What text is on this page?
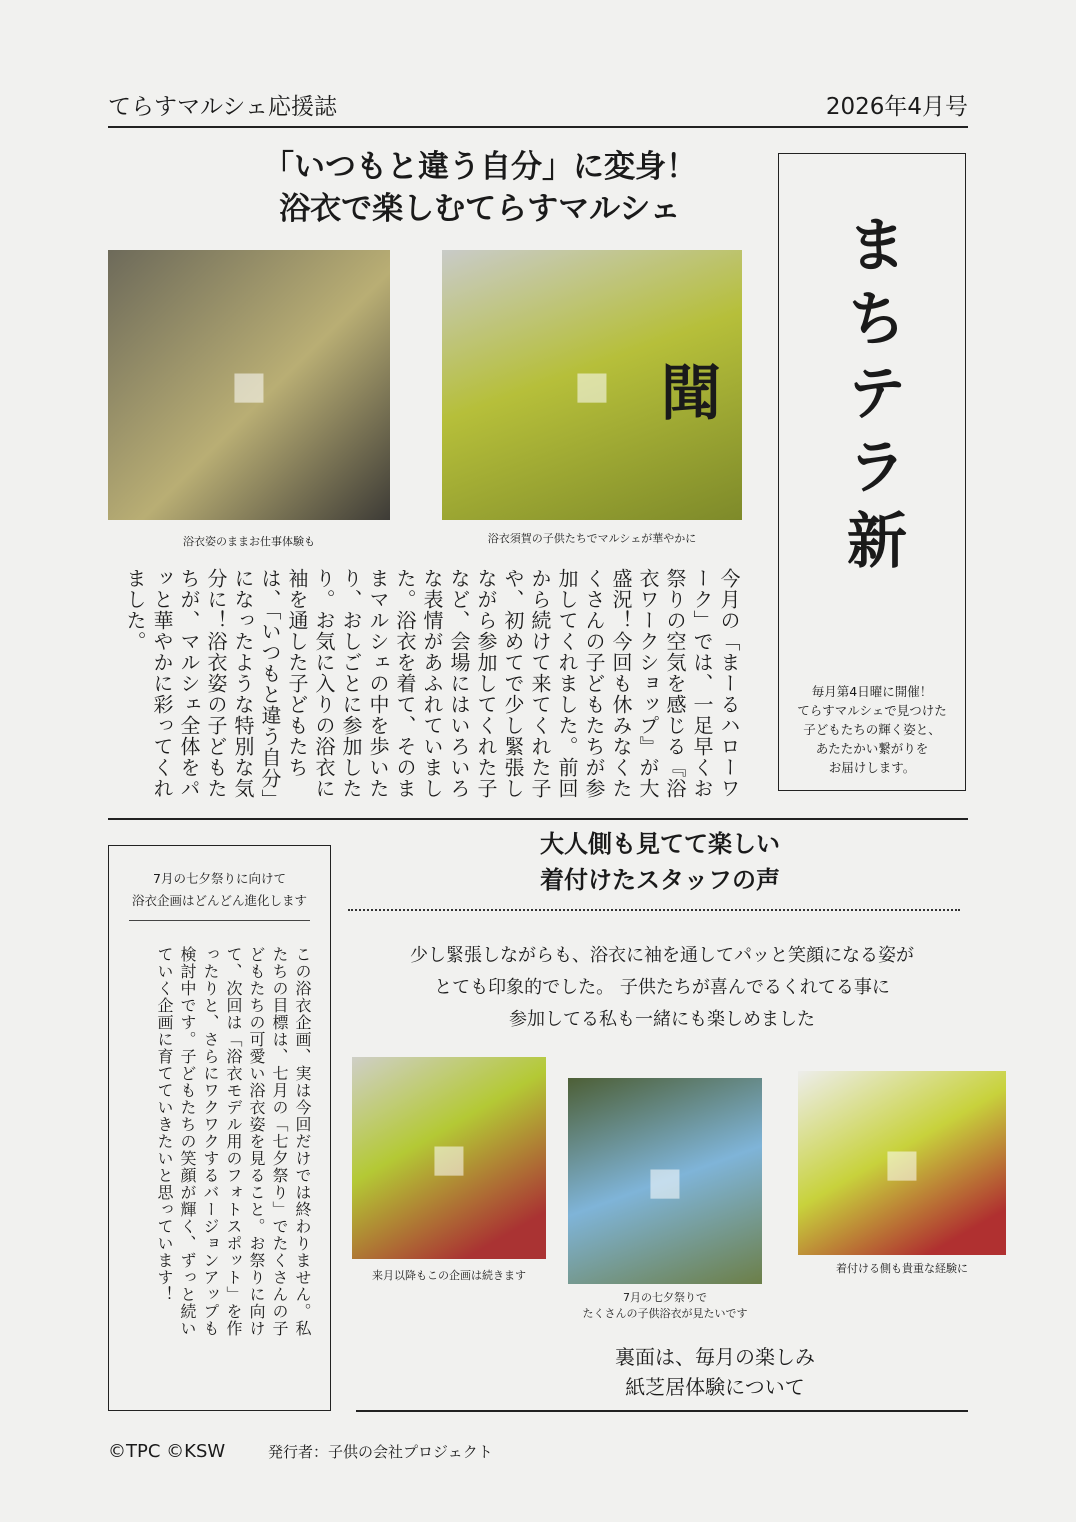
てらすマルシェ応援誌	2026年4月号
「いつもと違う自分」に変身！
浴衣で楽しむてらすマルシェ
■
浴衣姿のままお仕事体験も
■
浴衣須賀の子供たちでマルシェが華やかに
今月の「まーるハローワーク」では、一足早くお祭りの空気を感じる『浴衣ワークショップ』が大盛況！今回も休みなくたくさんの子どもたちが参加してくれました。前回から続けて来てくれた子や、初めてで少し緊張しながら参加してくれた子など、会場にはいろいろな表情があふれていました。浴衣を着て、そのままマルシェの中を歩いたり、おしごとに参加したり。お気に入りの浴衣に袖を通した子どもたちは、「いつもと違う自分」になったような特別な気分に！浴衣姿の子どもたちが、マルシェ全体をパッと華やかに彩ってくれました。
まちテラ新聞
毎月第4日曜に開催！
てらすマルシェで見つけた
子どもたちの輝く姿と、
あたたかい繋がりを
お届けします。
7月の七夕祭りに向けて
浴衣企画はどんどん進化します
この浴衣企画、実は今回だけでは終わりません。私たちの目標は、七月の「七夕祭り」でたくさんの子どもたちの可愛い浴衣姿を見ること。お祭りに向けて、次回は「浴衣モデル用のフォトスポット」を作ったりと、さらにワクワクするバージョンアップも検討中です。子どもたちの笑顔が輝く、ずっと続いていく企画に育てていきたいと思っています！
大人側も見てて楽しい
着付けたスタッフの声
少し緊張しながらも、浴衣に袖を通してパッと笑顔になる姿が
とても印象的でした。 子供たちが喜んでるくれてる事に
参加してる私も一緒にも楽しめました
■
来月以降もこの企画は続きます
■
7月の七夕祭りで
たくさんの子供浴衣が見たいです
■
着付ける側も貴重な経験に
裏面は、毎月の楽しみ
紙芝居体験について
©TPC ©KSW	発行者：子供の会社プロジェクト
